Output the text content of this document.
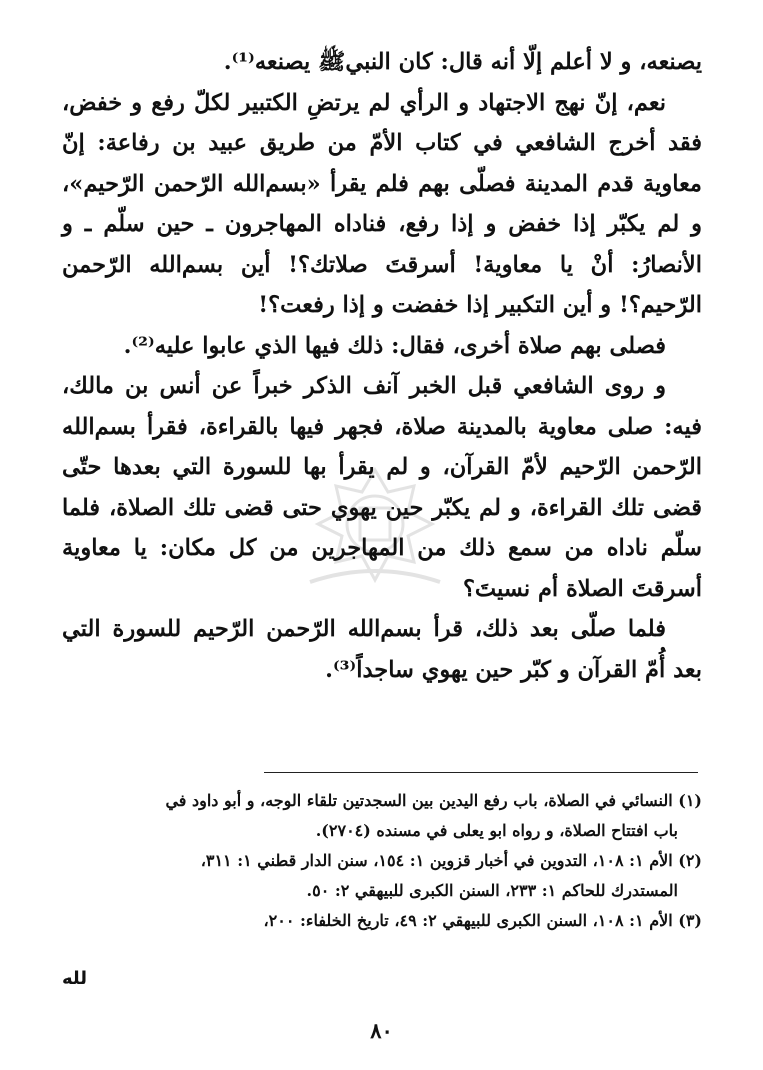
يصنعه، و لا أعلم إلّا أنه قال: كان النبيﷺ يصنعه⁽¹⁾.

نعم، إنّ نهج الاجتهاد و الرأي لم يرتضِ الكتبير لكلّ رفع و خفض، فقد أخرج الشافعي في كتاب الأمّ من طريق عبيد بن رفاعة: إنّ معاوية قدم المدينة فصلّى بهم فلم يقرأ «بسم‌الله الرّحمن الرّحيم»، و لم يكبّر إذا خفض و إذا رفع، فناداه المهاجرون ـ حين سلّم ـ و الأنصارُ: أنْ يا معاوية! أسرقتَ صلاتك؟! أين بسم‌الله الرّحمن الرّحيم؟! و أين التكبير إذا خفضت و إذا رفعت؟!

فصلى بهم صلاة أخرى، فقال: ذلك فيها الذي عابوا عليه⁽²⁾.

و روى الشافعي قبل الخبر آنف الذكر خبراً عن أنس بن مالك، فيه: صلى معاوية بالمدينة صلاة، فجهر فيها بالقراءة، فقرأ بسم‌الله الرّحمن الرّحيم لأمّ القرآن، و لم يقرأ بها للسورة التي بعدها حتّى قضى تلك القراءة، و لم يكبّر حين يهوي حتى قضى تلك الصلاة، فلما سلّم ناداه من سمع ذلك من المهاجرين من كل مكان: يا معاوية أسرقتَ الصلاة أم نسيتَ؟

فلما صلّى بعد ذلك، قرأ بسم‌الله الرّحمن الرّحيم للسورة التي بعد أُمّ القرآن و كبّر حين يهوي ساجداً⁽³⁾.

(١) النسائي في الصلاة، باب رفع اليدين بين السجدتين تلقاء الوجه، و أبو داود في

باب افتتاح الصلاة، و رواه ابو يعلى في مسنده (٢٧٠٤).

(٢) الأم ١: ١٠٨، التدوين في أخبار قزوين ١: ١٥٤، سنن الدار قطني ١: ٣١١،

المستدرك للحاكم ١: ٢٣٣، السنن الكبرى للبيهقي ٢: ٥٠.

(٣) الأم ١: ١٠٨، السنن الكبرى للبيهقي ٢: ٤٩، تاريخ الخلفاء: ٢٠٠،

لله
٨٠
